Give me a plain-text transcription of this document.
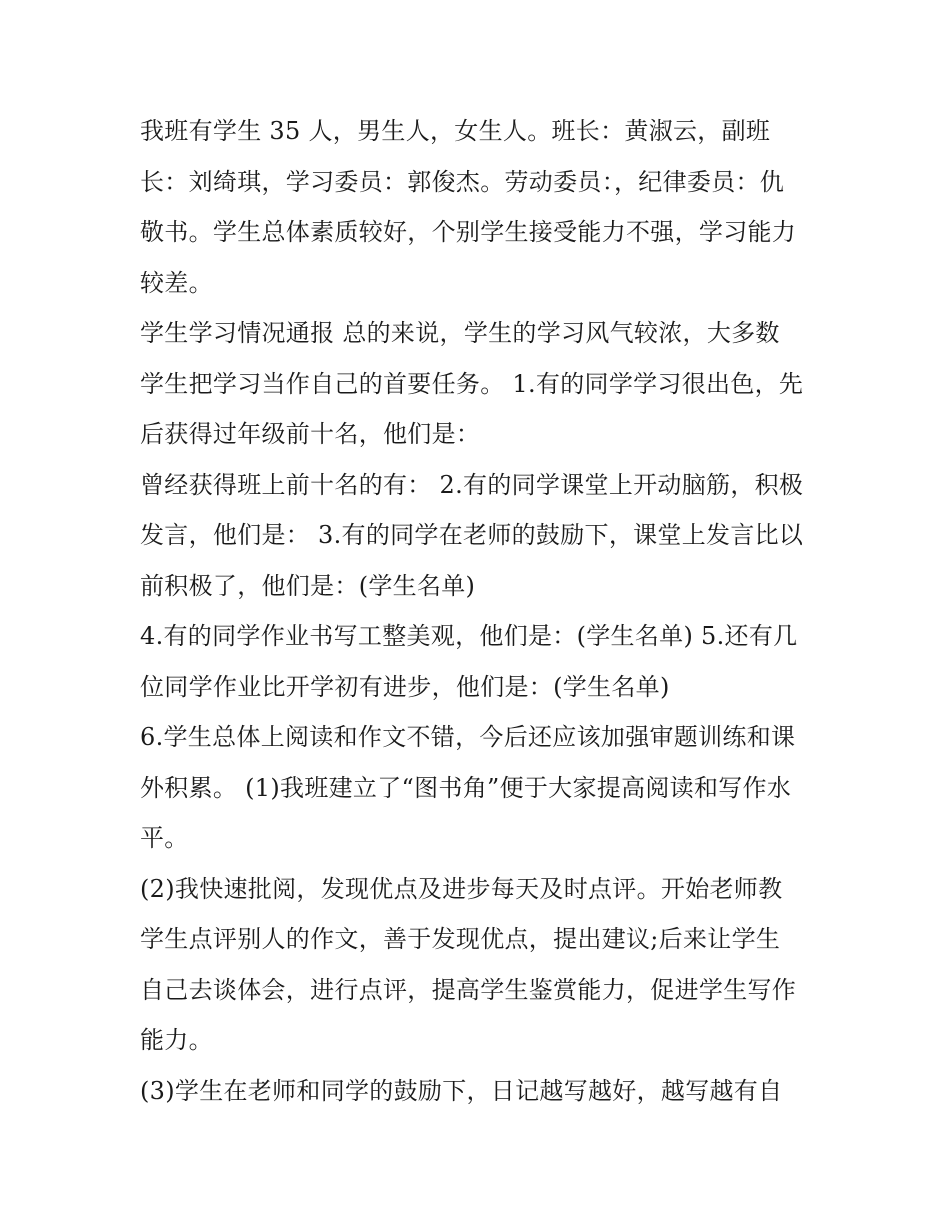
我班有学生 35 人，男生人，女生人。班长：黄淑云，副班
长：刘绮琪，学习委员：郭俊杰。劳动委员：，纪律委员：仇
敬书。学生总体素质较好，个别学生接受能力不强，学习能力
较差。
学生学习情况通报 总的来说，学生的学习风气较浓，大多数
学生把学习当作自己的首要任务。 1.有的同学学习很出色，先
后获得过年级前十名，他们是：
曾经获得班上前十名的有： 2.有的同学课堂上开动脑筋，积极
发言，他们是： 3.有的同学在老师的鼓励下，课堂上发言比以
前积极了，他们是：(学生名单)
4.有的同学作业书写工整美观，他们是：(学生名单) 5.还有几
位同学作业比开学初有进步，他们是：(学生名单)
6.学生总体上阅读和作文不错，今后还应该加强审题训练和课
外积累。 (1)我班建立了“图书角”便于大家提高阅读和写作水
平。
(2)我快速批阅，发现优点及进步每天及时点评。开始老师教
学生点评别人的作文，善于发现优点，提出建议;后来让学生
自己去谈体会，进行点评，提高学生鉴赏能力，促进学生写作
能力。
(3)学生在老师和同学的鼓励下，日记越写越好，越写越有自
